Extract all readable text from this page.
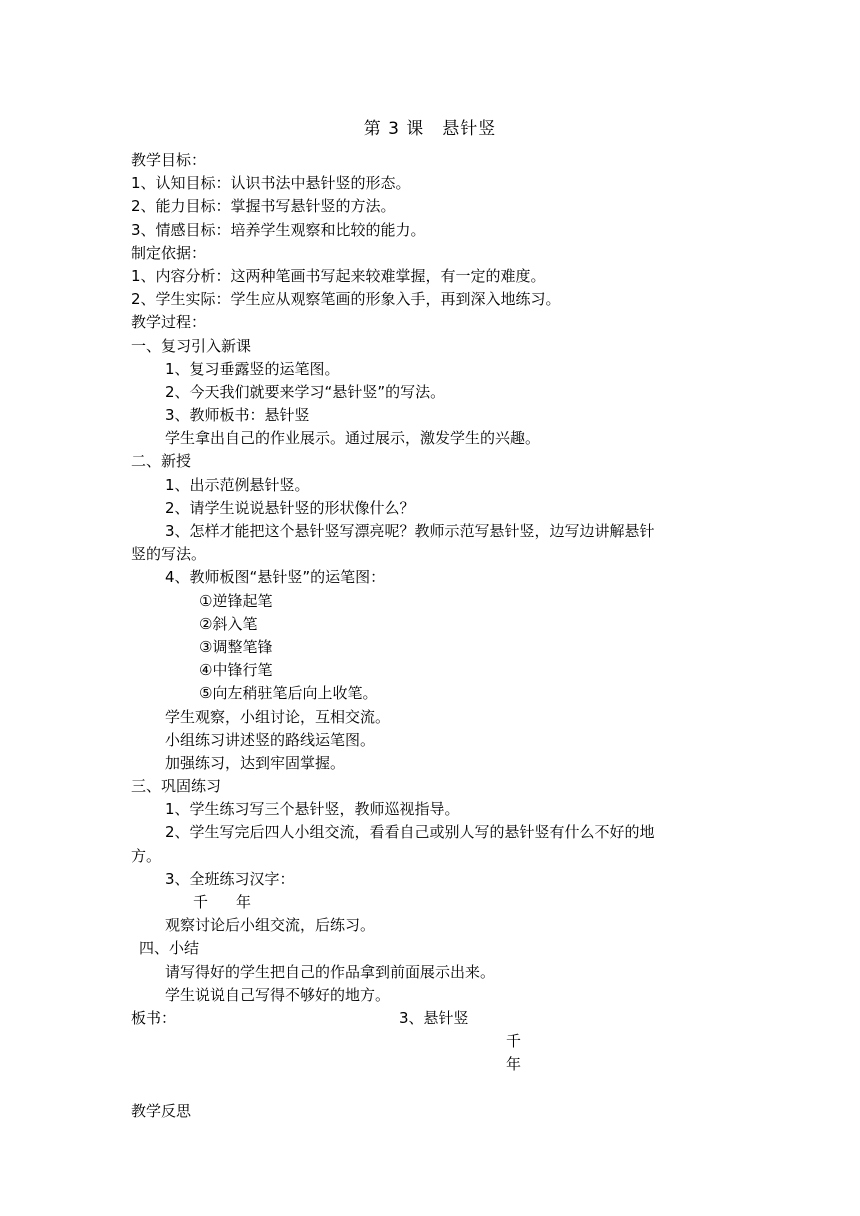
第 3 课　悬针竖
教学目标：
1、认知目标：认识书法中悬针竖的形态。
2、能力目标：掌握书写悬针竖的方法。
3、情感目标：培养学生观察和比较的能力。
制定依据：
1、内容分析：这两种笔画书写起来较难掌握，有一定的难度。
2、学生实际：学生应从观察笔画的形象入手，再到深入地练习。
教学过程：
一、复习引入新课
1、复习垂露竖的运笔图。
2、今天我们就要来学习“悬针竖”的写法。
3、教师板书：悬针竖
学生拿出自己的作业展示。通过展示，激发学生的兴趣。
二、新授
1、出示范例悬针竖。
2、请学生说说悬针竖的形状像什么？
3、怎样才能把这个悬针竖写漂亮呢？教师示范写悬针竖，边写边讲解悬针
竖的写法。
4、教师板图“悬针竖”的运笔图：
①逆锋起笔
②斜入笔
③调整笔锋
④中锋行笔
⑤向左稍驻笔后向上收笔。
学生观察，小组讨论，互相交流。
小组练习讲述竖的路线运笔图。
加强练习，达到牢固掌握。
三、巩固练习
1、学生练习写三个悬针竖，教师巡视指导。
2、学生写完后四人小组交流，看看自己或别人写的悬针竖有什么不好的地
方。
3、全班练习汉字：
千 年
观察讨论后小组交流，后练习。
四、小结
请写得好的学生把自己的作品拿到前面展示出来。
学生说说自己写得不够好的地方。
板书：	3、悬针竖
千
年
教学反思
